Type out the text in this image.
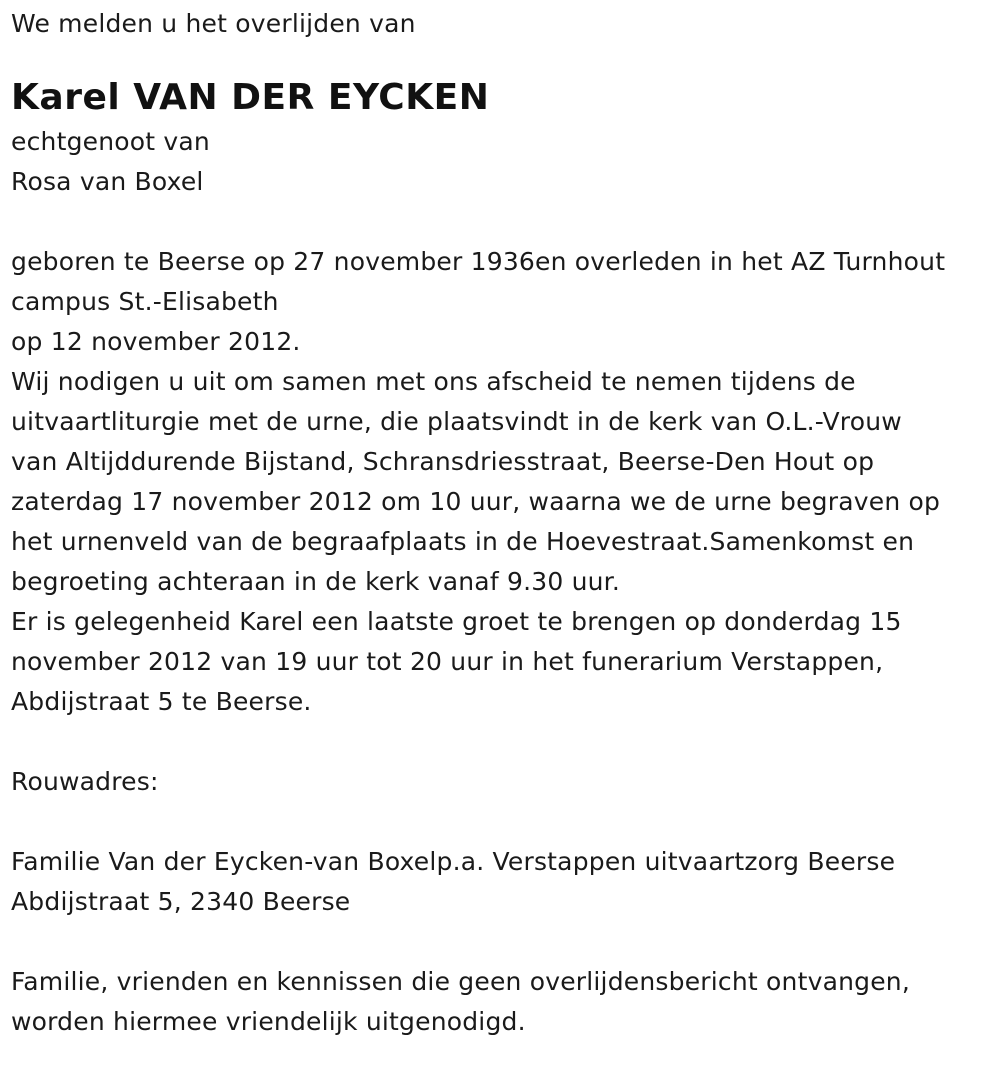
We melden u het overlijden van
Karel VAN DER EYCKEN
echtgenoot van
Rosa van Boxel
geboren te Beerse op 27 november 1936en overleden in het AZ Turnhout
campus St.-Elisabeth
op 12 november 2012.
Wij nodigen u uit om samen met ons afscheid te nemen tijdens de
uitvaartliturgie met de urne, die plaatsvindt in de kerk van O.L.-Vrouw
van Altijddurende Bijstand, Schransdriesstraat, Beerse-Den Hout op
zaterdag 17 november 2012 om 10 uur, waarna we de urne begraven op
het urnenveld van de begraafplaats in de Hoevestraat.Samenkomst en
begroeting achteraan in de kerk vanaf 9.30 uur.
Er is gelegenheid Karel een laatste groet te brengen op donderdag 15
november 2012 van 19 uur tot 20 uur in het funerarium Verstappen,
Abdijstraat 5 te Beerse.
Rouwadres:
Familie Van der Eycken-van Boxelp.a. Verstappen uitvaartzorg Beerse
Abdijstraat 5, 2340 Beerse
Familie, vrienden en kennissen die geen overlijdensbericht ontvangen,
worden hiermee vriendelijk uitgenodigd.
